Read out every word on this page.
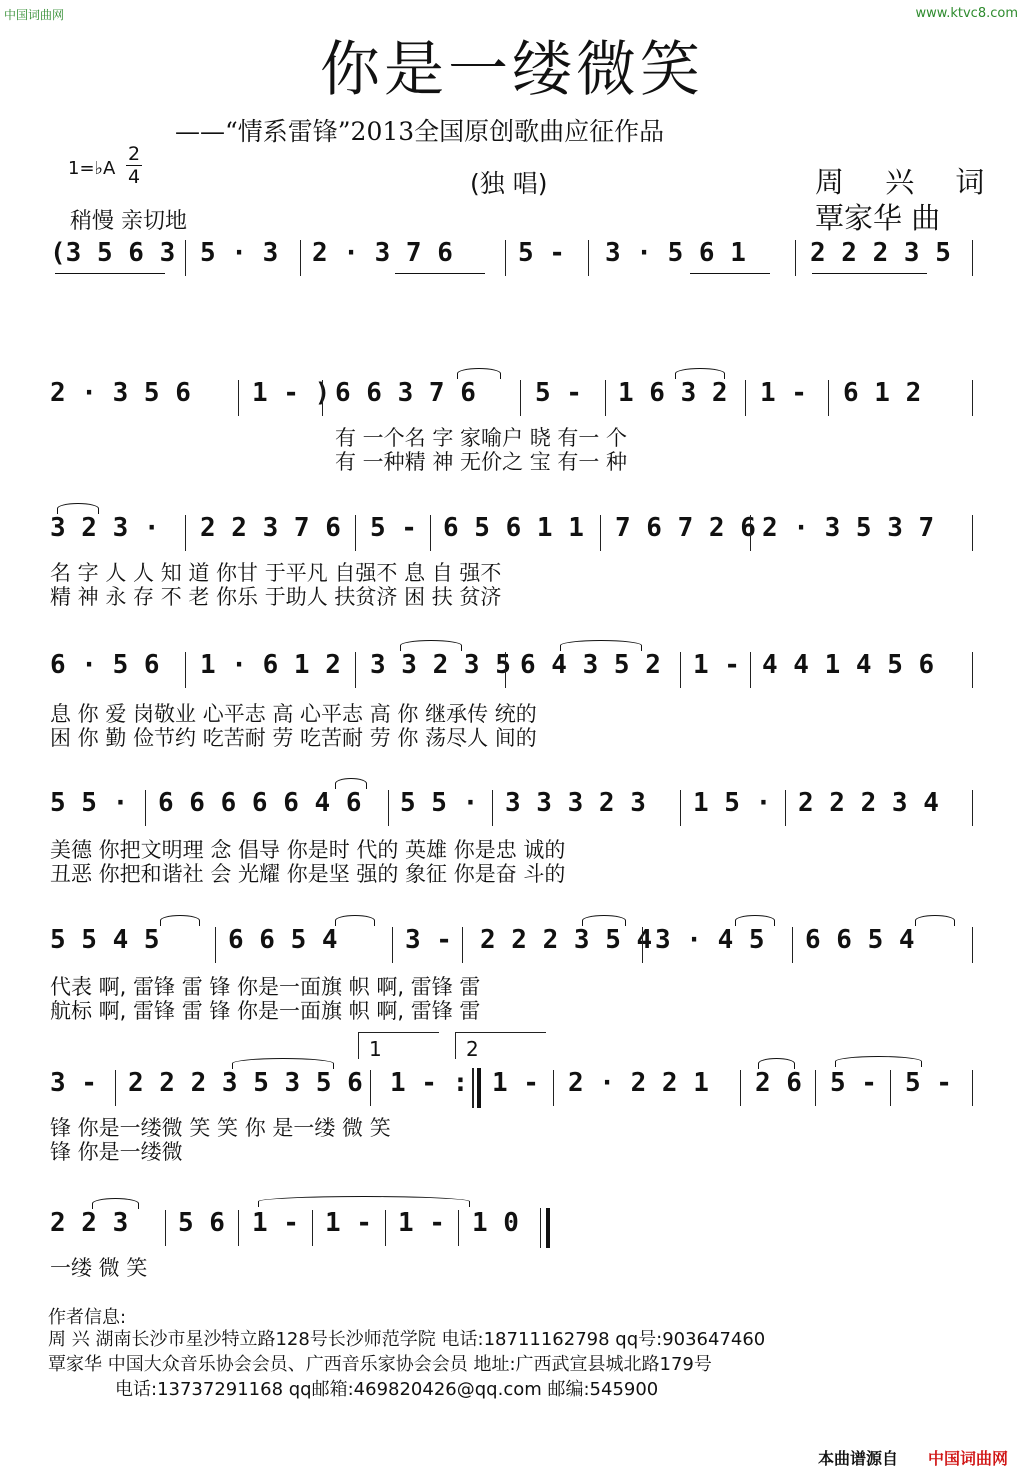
中国词曲网	www.ktvc8.com
你是一缕微笑
——“情系雷锋”2013全国原创歌曲应征作品
1=♭A
2
4	(独 唱)
稍慢 亲切地
周 兴 词
覃家华 曲
(3 5 6 3 5 · 3 2 · 3 7 6	5 - 3 · 5 6 1 2 2 2 3 5
2 · 3 5 6 1 - ) 6 6 3 7 6 5 - 1 6 3 2 1 - 6 1 2
有 一个名 字 家喻户 晓 有一 个
有 一种精 神 无价之 宝 有一 种
3 2 3 · 2 2 3 7 6 5 - 6 5 6 1 1 7 6 7 2 6 2 · 3 5 3 7
名 字 人 人 知 道 你甘 于平凡 自强不 息 自 强不
精 神 永 存 不 老 你乐 于助人 扶贫济 困 扶 贫济
6 · 5 6 1 · 6 1 2 3 3 2 3 5 6 4 3 5 2 1 - 4 4 1 4 5 6
息 你 爱 岗敬业 心平志 高 心平志 高 你 继承传 统的
困 你 勤 俭节约 吃苦耐 劳 吃苦耐 劳 你 荡尽人 间的
5 5 · 6 6 6 6 6 4 6 5 5 · 3 3 3 2 3 1 5 · 2 2 2 3 4
美德 你把文明理 念 倡导 你是时 代的 英雄 你是忠 诚的
丑恶 你把和谐社 会 光耀 你是坚 强的 象征 你是奋 斗的
5 5 4 5	6 6 5 4	3 - 2 2 2 3 5 4 3 · 4 5 6 6 5 4
代表 啊, 雷锋 雷 锋 你是一面旗 帜 啊, 雷锋 雷
航标 啊, 雷锋 雷 锋 你是一面旗 帜 啊, 雷锋 雷
1	2
3 - 2 2 2 3 5 3 5 6 1 - : 1 - 2 · 2 2 1 2 6 5 - 5 -
锋 你是一缕微 笑 笑 你 是一缕 微 笑
锋 你是一缕微
2 2 3 5 6 1 - 1 - 1 - 1 0
一缕 微 笑
作者信息:
周 兴 湖南长沙市星沙特立路128号长沙师范学院 电话:18711162798 qq号:903647460
覃家华 中国大众音乐协会会员、广西音乐家协会会员 地址:广西武宣县城北路179号
电话:13737291168 qq邮箱:469820426@qq.com 邮编:545900
本曲谱源自 中国词曲网
